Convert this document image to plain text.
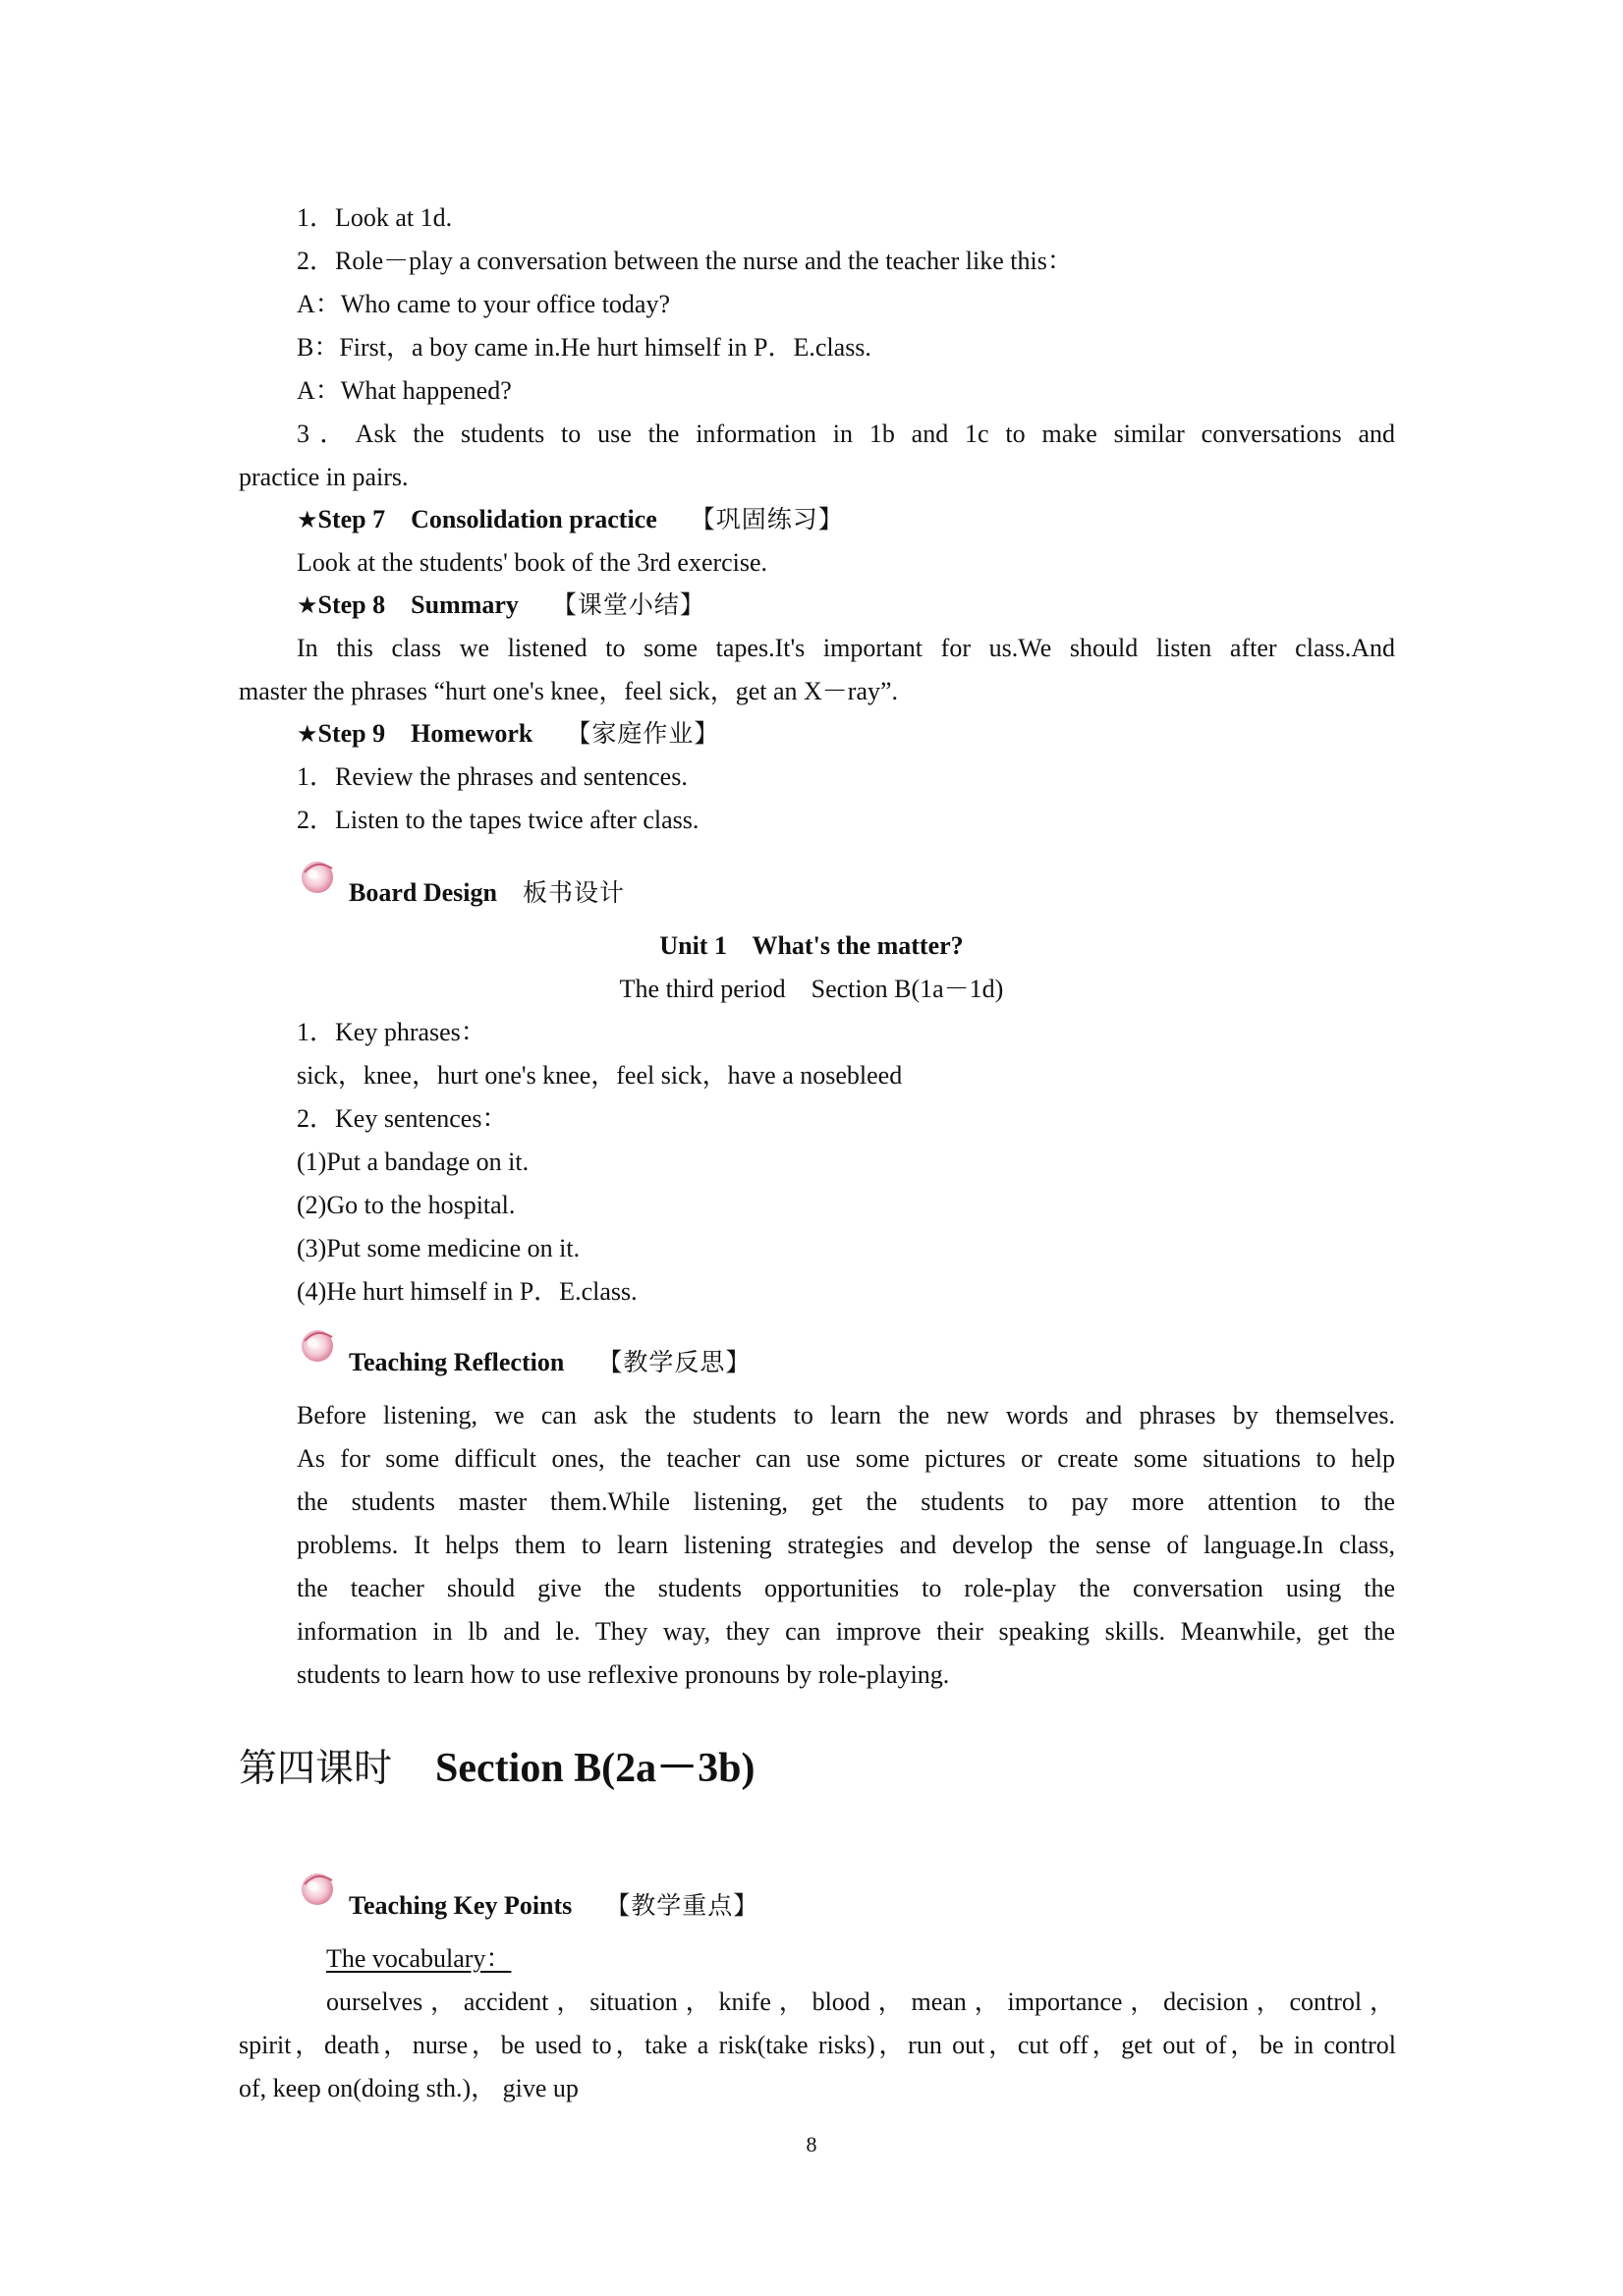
1．Look at 1d.
2．Role－play a conversation between the nurse and the teacher like this：
A：Who came to your office today?
B：First，a boy came in.He hurt himself in P．E.class.
A：What happened?
3．Ask the students to use the information in 1b and 1c to make similar conversations and
practice in pairs.
★Step 7 Consolidation practice 【巩固练习】
Look at the students' book of the 3rd exercise.
★Step 8 Summary 【课堂小结】
In this class we listened to some tapes.It's important for us.We should listen after class.And
master the phrases “hurt one's knee，feel sick，get an X－ray”.
★Step 9 Homework 【家庭作业】
1．Review the phrases and sentences.
2．Listen to the tapes twice after class.
Board Design 板书设计
Unit 1    What's the matter?
The third period    Section B(1a－1d)
1．Key phrases：
sick，knee，hurt one's knee，feel sick，have a nosebleed
2．Key sentences：
(1)Put a bandage on it.
(2)Go to the hospital.
(3)Put some medicine on it.
(4)He hurt himself in P．E.class.
Teaching Reflection 【教学反思】
Before listening, we can ask the students to learn the new words and phrases by themselves.
As for some difficult ones, the teacher can use some pictures or create some situations to help
the students master them.While listening, get the students to pay more attention to the
problems. It helps them to learn listening strategies and develop the sense of language.In class,
the teacher should give the students opportunities to role-play the conversation using the
information in lb and le. They way, they can improve their speaking skills. Meanwhile, get the
students to learn how to use reflexive pronouns by role-playing.
第四课时 Section B(2a－3b)
Teaching Key Points 【教学重点】
The vocabulary：
ourselves，accident，situation，knife，blood，mean，importance，decision，control，
spirit，death，nurse，be used to，take a risk(take risks)，run out，cut off，get out of，be in control
of, keep on(doing sth.)， give up
8
